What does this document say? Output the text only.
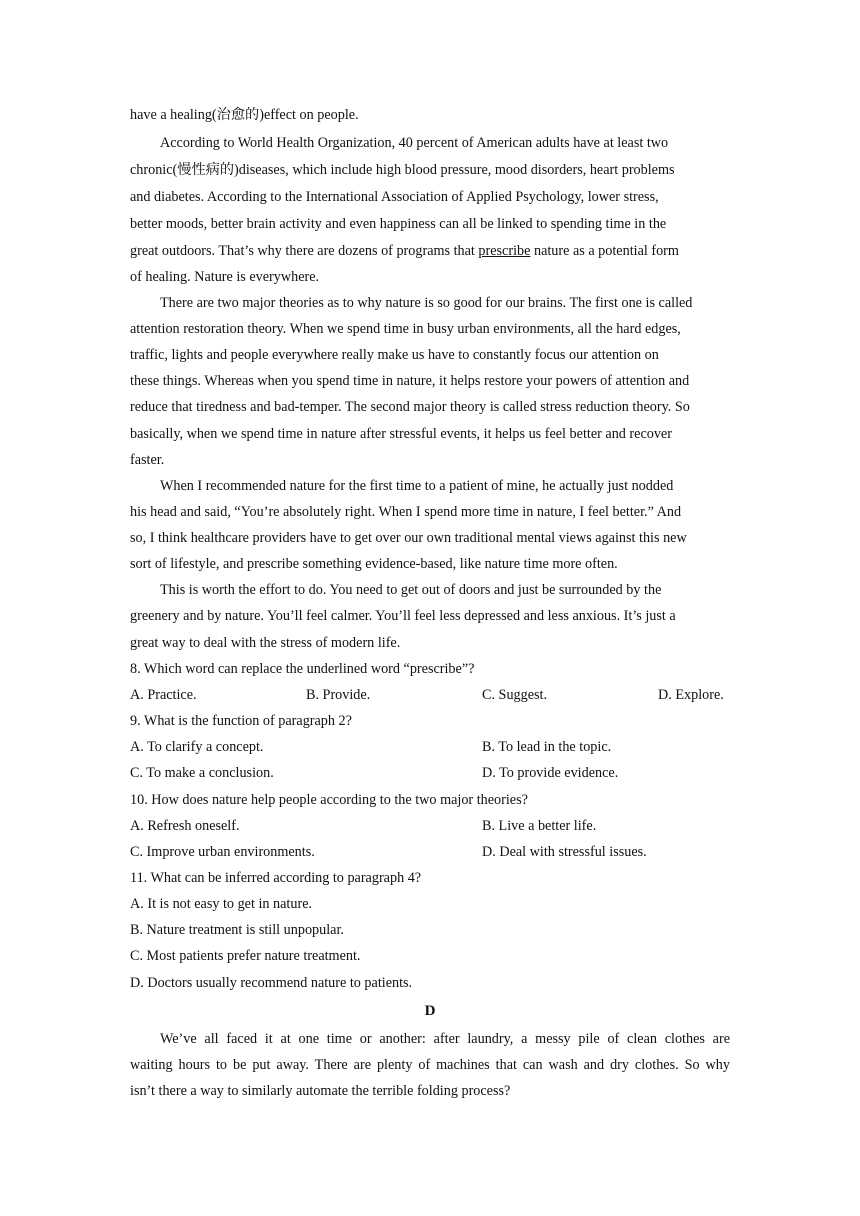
have a healing(治愈的)effect on people.
According to World Health Organization, 40 percent of American adults have at least two
chronic(慢性病的)diseases, which include high blood pressure, mood disorders, heart problems
and diabetes. According to the International Association of Applied Psychology, lower stress,
better moods, better brain activity and even happiness can all be linked to spending time in the
great outdoors. That’s why there are dozens of programs that prescribe nature as a potential form
of healing. Nature is everywhere.
There are two major theories as to why nature is so good for our brains. The first one is called
attention restoration theory. When we spend time in busy urban environments, all the hard edges,
traffic, lights and people everywhere really make us have to constantly focus our attention on
these things. Whereas when you spend time in nature, it helps restore your powers of attention and
reduce that tiredness and bad-temper. The second major theory is called stress reduction theory. So
basically, when we spend time in nature after stressful events, it helps us feel better and recover
faster.
When I recommended nature for the first time to a patient of mine, he actually just nodded
his head and said, “You’re absolutely right. When I spend more time in nature, I feel better.” And
so, I think healthcare providers have to get over our own traditional mental views against this new
sort of lifestyle, and prescribe something evidence-based, like nature time more often.
This is worth the effort to do. You need to get out of doors and just be surrounded by the
greenery and by nature. You’ll feel calmer. You’ll feel less depressed and less anxious. It’s just a
great way to deal with the stress of modern life.
8. Which word can replace the underlined word “prescribe”?
A. Practice.	B. Provide.	C. Suggest.	D. Explore.
9. What is the function of paragraph 2?
A. To clarify a concept.	B. To lead in the topic.
C. To make a conclusion.	D. To provide evidence.
10. How does nature help people according to the two major theories?
A. Refresh oneself.	B. Live a better life.
C. Improve urban environments.	D. Deal with stressful issues.
11. What can be inferred according to paragraph 4?
A. It is not easy to get in nature.
B. Nature treatment is still unpopular.
C. Most patients prefer nature treatment.
D. Doctors usually recommend nature to patients.
D
We’ve all faced it at one time or another: after laundry, a messy pile of clean clothes are
waiting hours to be put away. There are plenty of machines that can wash and dry clothes. So why
isn’t there a way to similarly automate the terrible folding process?
